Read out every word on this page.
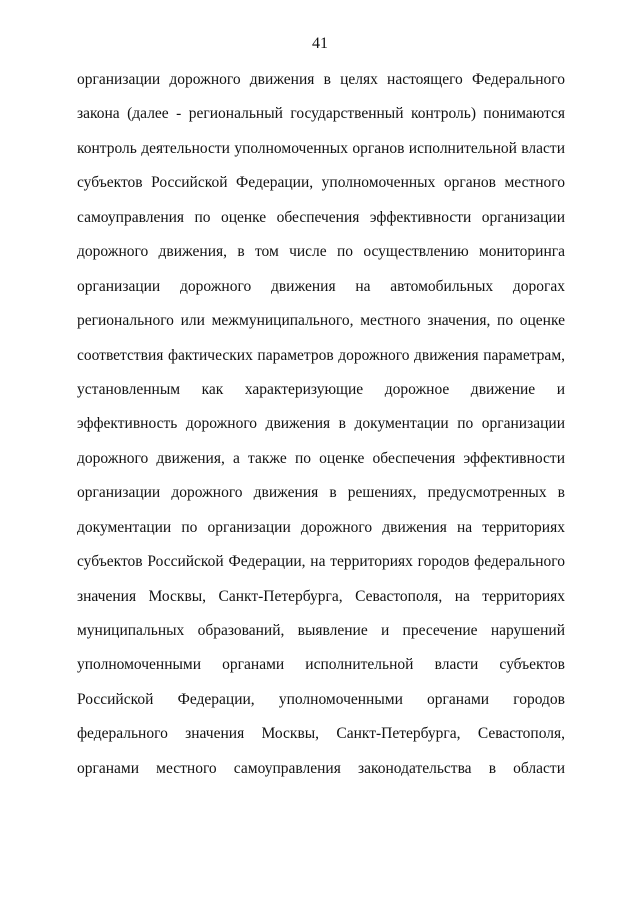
41
организации дорожного движения в целях настоящего Федерального
закона (далее - региональный государственный контроль) понимаются
контроль деятельности уполномоченных органов исполнительной власти
субъектов Российской Федерации, уполномоченных органов местного
самоуправления по оценке обеспечения эффективности организации
дорожного движения, в том числе по осуществлению мониторинга
организации дорожного движения на автомобильных дорогах
регионального или межмуниципального, местного значения, по оценке
соответствия фактических параметров дорожного движения параметрам,
установленным как характеризующие дорожное движение и
эффективность дорожного движения в документации по организации
дорожного движения, а также по оценке обеспечения эффективности
организации дорожного движения в решениях, предусмотренных в
документации по организации дорожного движения на территориях
субъектов Российской Федерации, на территориях городов федерального
значения Москвы, Санкт-Петербурга, Севастополя, на территориях
муниципальных образований, выявление и пресечение нарушений
уполномоченными органами исполнительной власти субъектов
Российской Федерации, уполномоченными органами городов
федерального значения Москвы, Санкт-Петербурга, Севастополя,
органами местного самоуправления законодательства в области
